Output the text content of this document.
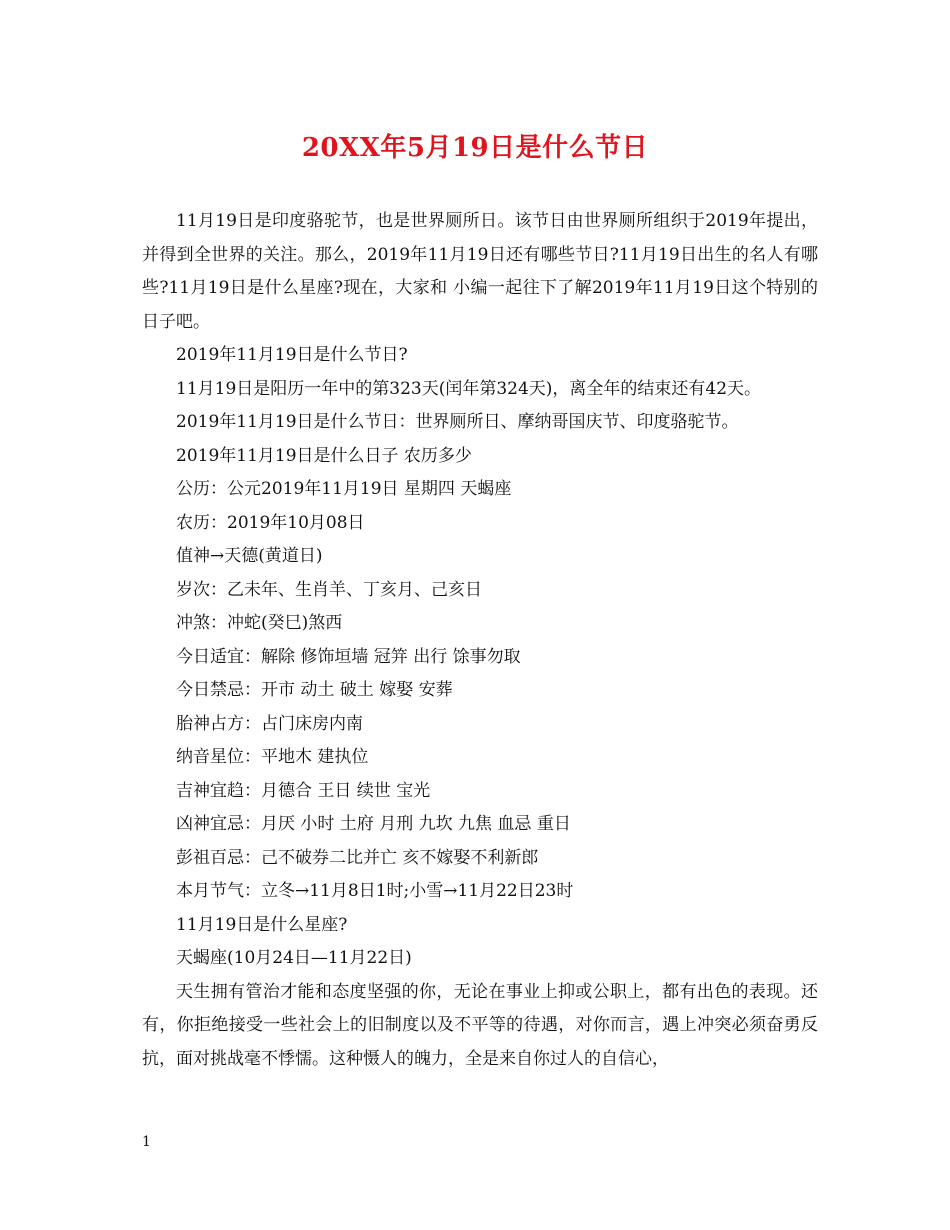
20XX年5月19日是什么节日

11月19日是印度骆驼节，也是世界厕所日。该节日由世界厕所组织于2019年提出，并得到全世界的关注。那么，2019年11月19日还有哪些节日?11月19日出生的名人有哪些?11月19日是什么星座?现在，大家和 小编一起往下了解2019年11月19日这个特别的日子吧。

2019年11月19日是什么节日?

11月19日是阳历一年中的第323天(闰年第324天)，离全年的结束还有42天。

2019年11月19日是什么节日：世界厕所日、摩纳哥国庆节、印度骆驼节。

2019年11月19日是什么日子 农历多少

公历：公元2019年11月19日 星期四 天蝎座

农历：2019年10月08日

值神→天德(黄道日)

岁次：乙未年、生肖羊、丁亥月、己亥日

冲煞：冲蛇(癸巳)煞西

今日适宜：解除 修饰垣墙 冠笄 出行 馀事勿取

今日禁忌：开市 动土 破土 嫁娶 安葬

胎神占方：占门床房内南

纳音星位：平地木 建执位

吉神宜趋：月德合 王日 续世 宝光

凶神宜忌：月厌 小时 土府 月刑 九坎 九焦 血忌 重日

彭祖百忌：己不破券二比并亡 亥不嫁娶不利新郎

本月节气：立冬→11月8日1时;小雪→11月22日23时

11月19日是什么星座?

天蝎座(10月24日—11月22日)

天生拥有管治才能和态度坚强的你，无论在事业上抑或公职上，都有出色的表现。还有，你拒绝接受一些社会上的旧制度以及不平等的待遇，对你而言，遇上冲突必须奋勇反抗，面对挑战毫不悸懦。这种慑人的魄力，全是来自你过人的自信心，

1
